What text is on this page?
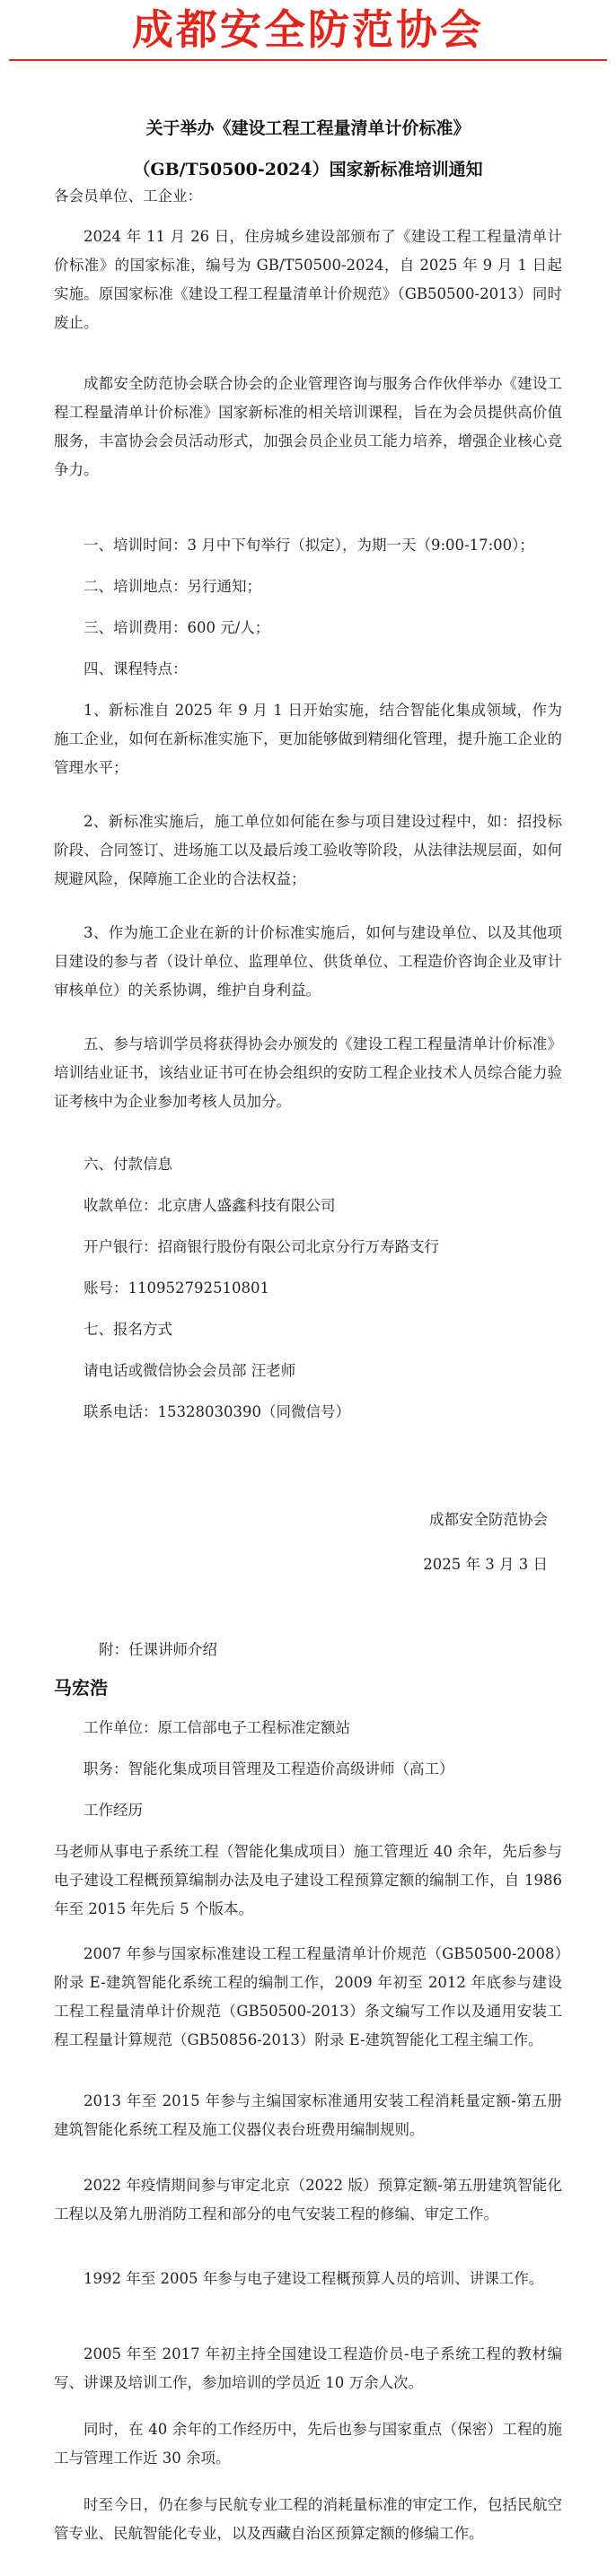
成都安全防范协会
关于举办《建设工程工程量清单计价标准》
（GB/T50500-2024）国家新标准培训通知
各会员单位、工企业：
2024 年 11 月 26 日，住房城乡建设部颁布了《建设工程工程量清单计价标准》的国家标准，编号为 GB/T50500-2024，自 2025 年 9 月 1 日起实施。原国家标准《建设工程工程量清单计价规范》（GB50500-2013）同时废止。
成都安全防范协会联合协会的企业管理咨询与服务合作伙伴举办《建设工程工程量清单计价标准》国家新标准的相关培训课程，旨在为会员提供高价值服务，丰富协会会员活动形式，加强会员企业员工能力培养，增强企业核心竞争力。
一、培训时间：3 月中下旬举行（拟定），为期一天（9:00-17:00）；
二、培训地点：另行通知；
三、培训费用：600 元/人；
四、课程特点：
1、新标准自 2025 年 9 月 1 日开始实施，结合智能化集成领域，作为施工企业，如何在新标准实施下，更加能够做到精细化管理，提升施工企业的管理水平；
2、新标准实施后，施工单位如何能在参与项目建设过程中，如：招投标阶段、合同签订、进场施工以及最后竣工验收等阶段，从法律法规层面，如何规避风险，保障施工企业的合法权益；
3、作为施工企业在新的计价标准实施后，如何与建设单位、以及其他项目建设的参与者（设计单位、监理单位、供货单位、工程造价咨询企业及审计审核单位）的关系协调，维护自身利益。
五、参与培训学员将获得协会办颁发的《建设工程工程量清单计价标准》培训结业证书，该结业证书可在协会组织的安防工程企业技术人员综合能力验证考核中为企业参加考核人员加分。
六、付款信息
收款单位：北京唐人盛鑫科技有限公司
开户银行：招商银行股份有限公司北京分行万寿路支行
账号：110952792510801
七、报名方式
请电话或微信协会会员部 汪老师
联系电话：15328030390（同微信号）
成都安全防范协会
2025 年 3 月 3 日
附：任课讲师介绍
马宏浩
工作单位：原工信部电子工程标准定额站
职务：智能化集成项目管理及工程造价高级讲师（高工）
工作经历
马老师从事电子系统工程（智能化集成项目）施工管理近 40 余年，先后参与电子建设工程概预算编制办法及电子建设工程预算定额的编制工作，自 1986 年至 2015 年先后 5 个版本。
2007 年参与国家标准建设工程工程量清单计价规范（GB50500-2008）附录 E-建筑智能化系统工程的编制工作，2009 年初至 2012 年底参与建设工程工程量清单计价规范（GB50500-2013）条文编写工作以及通用安装工程工程量计算规范（GB50856-2013）附录 E-建筑智能化工程主编工作。
2013 年至 2015 年参与主编国家标准通用安装工程消耗量定额-第五册建筑智能化系统工程及施工仪器仪表台班费用编制规则。
2022 年疫情期间参与审定北京（2022 版）预算定额-第五册建筑智能化工程以及第九册消防工程和部分的电气安装工程的修编、审定工作。
1992 年至 2005 年参与电子建设工程概预算人员的培训、讲课工作。
2005 年至 2017 年初主持全国建设工程造价员-电子系统工程的教材编写、讲课及培训工作，参加培训的学员近 10 万余人次。
同时，在 40 余年的工作经历中，先后也参与国家重点（保密）工程的施工与管理工作近 30 余项。
时至今日，仍在参与民航专业工程的消耗量标准的审定工作，包括民航空管专业、民航智能化专业，以及西藏自治区预算定额的修编工作。
